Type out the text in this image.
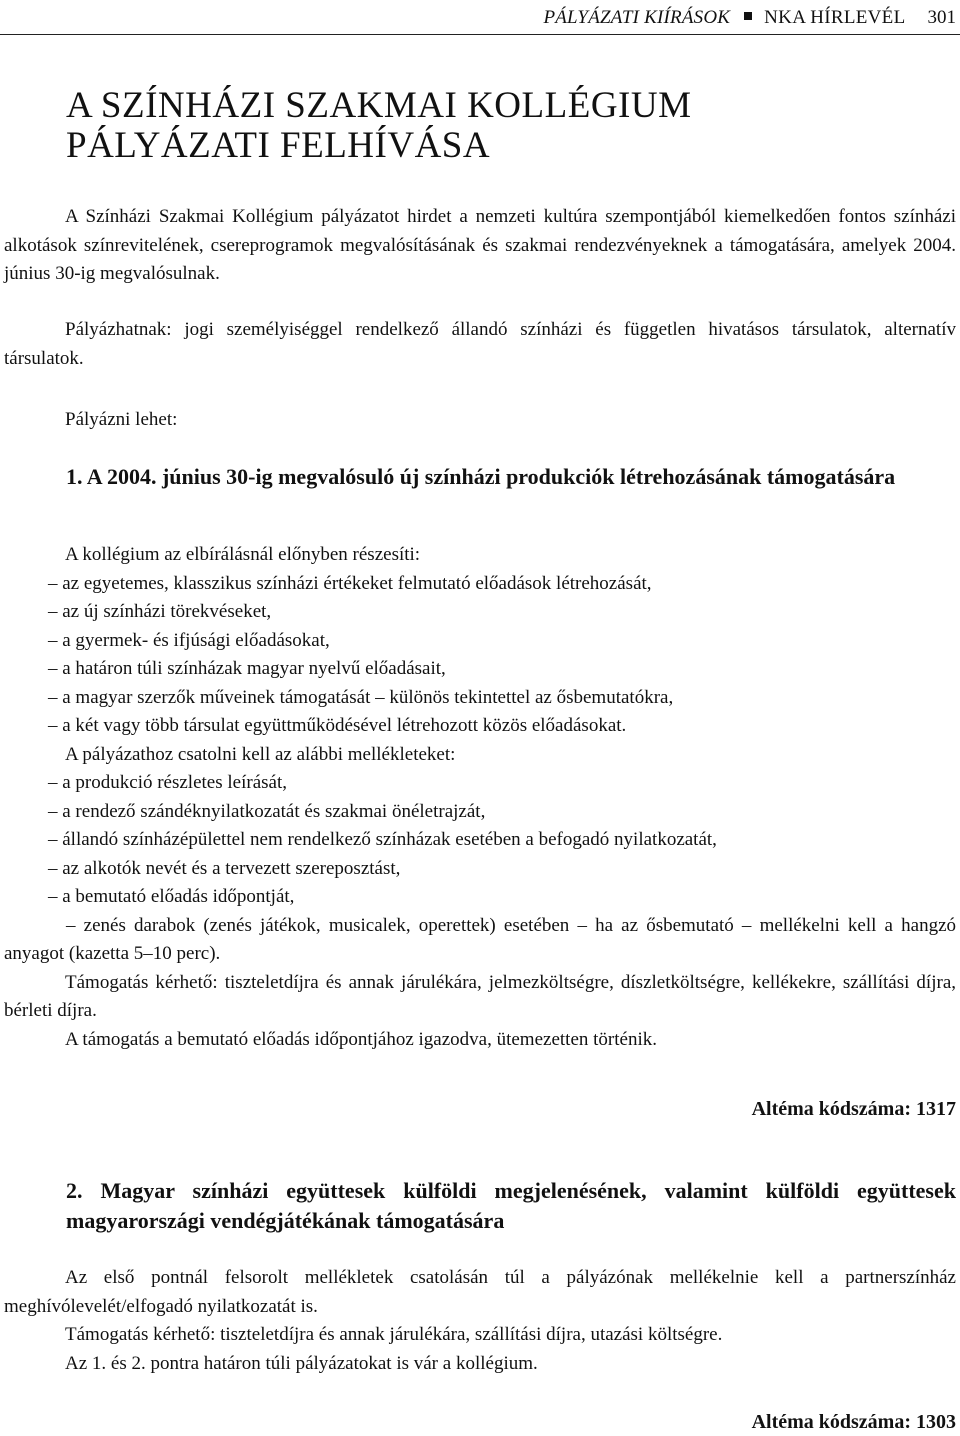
PÁLYÁZATI KIÍRÁSOK NKA HÍRLEVÉL 301
A SZÍNHÁZI SZAKMAI KOLLÉGIUM
PÁLYÁZATI FELHÍVÁSA

A Színházi Szakmai Kollégium pályázatot hirdet a nemzeti kultúra szempontjából kiemelkedően fontos színházi alkotások színrevitelének, csereprogramok megvalósításának és szakmai rendezvényeknek a támogatására, amelyek 2004. június 30-ig megvalósulnak.

Pályázhatnak: jogi személyiséggel rendelkező állandó színházi és független hivatásos társulatok, alternatív társulatok.

Pályázni lehet:

1. A 2004. június 30-ig megvalósuló új színházi produkciók létrehozásának támogatására

A kollégium az elbírálásnál előnyben részesíti:

– az egyetemes, klasszikus színházi értékeket felmutató előadások létrehozását,
– az új színházi törekvéseket,
– a gyermek- és ifjúsági előadásokat,
– a határon túli színházak magyar nyelvű előadásait,
– a magyar szerzők műveinek támogatását – különös tekintettel az ősbemutatókra,
– a két vagy több társulat együttműködésével létrehozott közös előadásokat.

A pályázathoz csatolni kell az alábbi mellékleteket:

– a produkció részletes leírását,
– a rendező szándéknyilatkozatát és szakmai önéletrajzát,
– állandó színházépülettel nem rendelkező színházak esetében a befogadó nyilatkozatát,
– az alkotók nevét és a tervezett szereposztást,
– a bemutató előadás időpontját,
– zenés darabok (zenés játékok, musicalek, operettek) esetében – ha az ősbemutató – mellékelni kell a hangzó anyagot (kazetta 5–10 perc).

Támogatás kérhető: tiszteletdíjra és annak járulékára, jelmezköltségre, díszletköltségre, kellékekre, szállítási díjra, bérleti díjra.

A támogatás a bemutató előadás időpontjához igazodva, ütemezetten történik.

Altéma kódszáma: 1317

2. Magyar színházi együttesek külföldi megjelenésének, valamint külföldi együttesek magyarországi vendégjátékának támogatására

Az első pontnál felsorolt mellékletek csatolásán túl a pályázónak mellékelnie kell a partnerszínház meghívólevelét/elfogadó nyilatkozatát is.

Támogatás kérhető: tiszteletdíjra és annak járulékára, szállítási díjra, utazási költségre.

Az 1. és 2. pontra határon túli pályázatokat is vár a kollégium.

Altéma kódszáma: 1303
